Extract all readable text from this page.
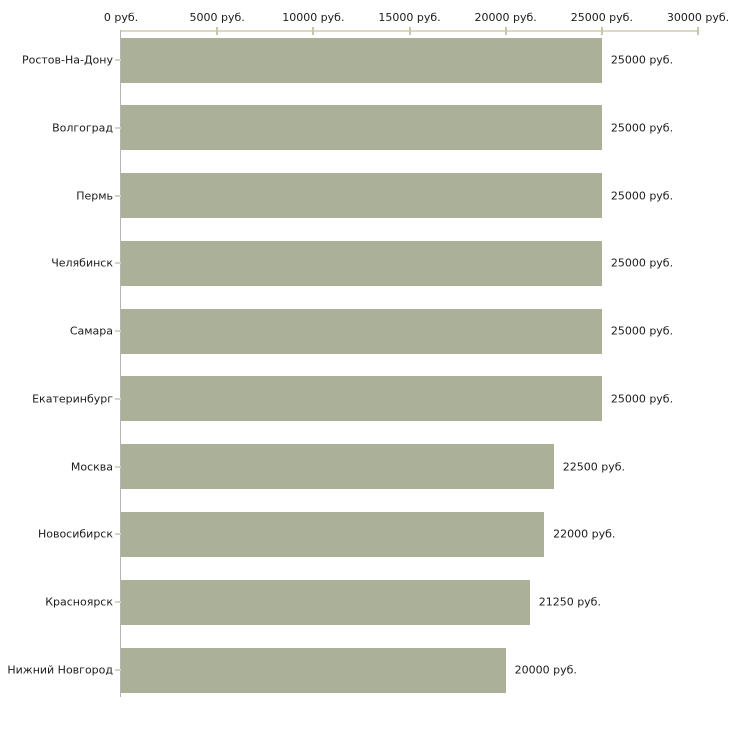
0 руб.	5000 руб.	10000 руб.	15000 руб.	20000 руб.	25000 руб.	30000 руб.
Ростов-На-Дону	25000 руб.
Волгоград	25000 руб.
Пермь	25000 руб.
Челябинск	25000 руб.
Самара	25000 руб.
Екатеринбург	25000 руб.
Москва	22500 руб.
Новосибирск	22000 руб.
Красноярск	21250 руб.
Нижний Новгород	20000 руб.
